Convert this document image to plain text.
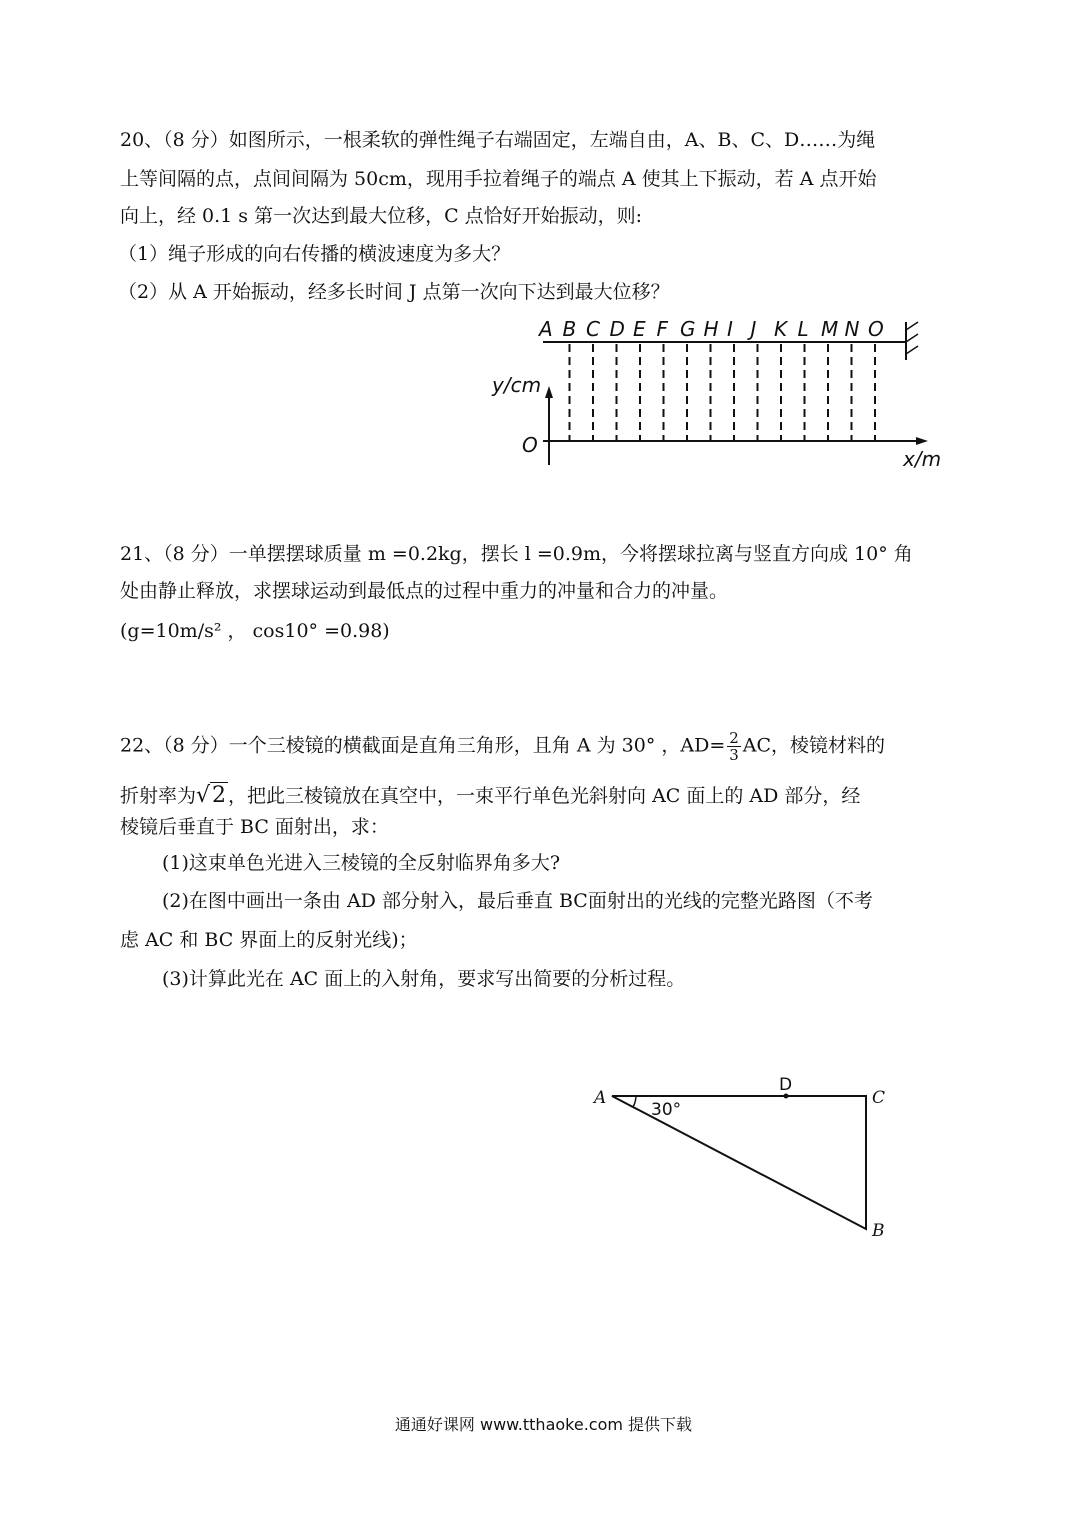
20、（8 分）如图所示，一根柔软的弹性绳子右端固定，左端自由，A、B、C、D……为绳
上等间隔的点，点间间隔为 50cm，现用手拉着绳子的端点 A 使其上下振动，若 A 点开始
向上，经 0.1 s 第一次达到最大位移，C 点恰好开始振动，则:
（1）绳子形成的向右传播的横波速度为多大？
（2）从 A 开始振动，经多长时间 J 点第一次向下达到最大位移？
A B C D E F G H I J K L M N O
y/cm
O
x/m
21、（8 分）一单摆摆球质量 m =0.2kg，摆长 l =0.9m，今将摆球拉离与竖直方向成 10° 角
处由静止释放，求摆球运动到最低点的过程中重力的冲量和合力的冲量。
(g=10m/s² ， cos10° =0.98)
22、（8 分）一个三棱镜的横截面是直角三角形，且角 A 为 30° ，$AD= \frac{2}{3}$ AC，棱镜材料的
折射率为√2 ，把此三棱镜放在真空中，一束平行单色光斜射向 AC 面上的 AD 部分，经
棱镜后垂直于 BC 面射出，求：
(1)这束单色光进入三棱镜的全反射临界角多大?
(2)在图中画出一条由 AD 部分射入，最后垂直 BC面射出的光线的完整光路图（不考
虑 AC 和 BC 界面上的反射光线)；
(3)计算此光在 AC 面上的入射角，要求写出简要的分析过程。
A	C
B
D
30°
通通好课网 www.tthaoke.com 提供下载
